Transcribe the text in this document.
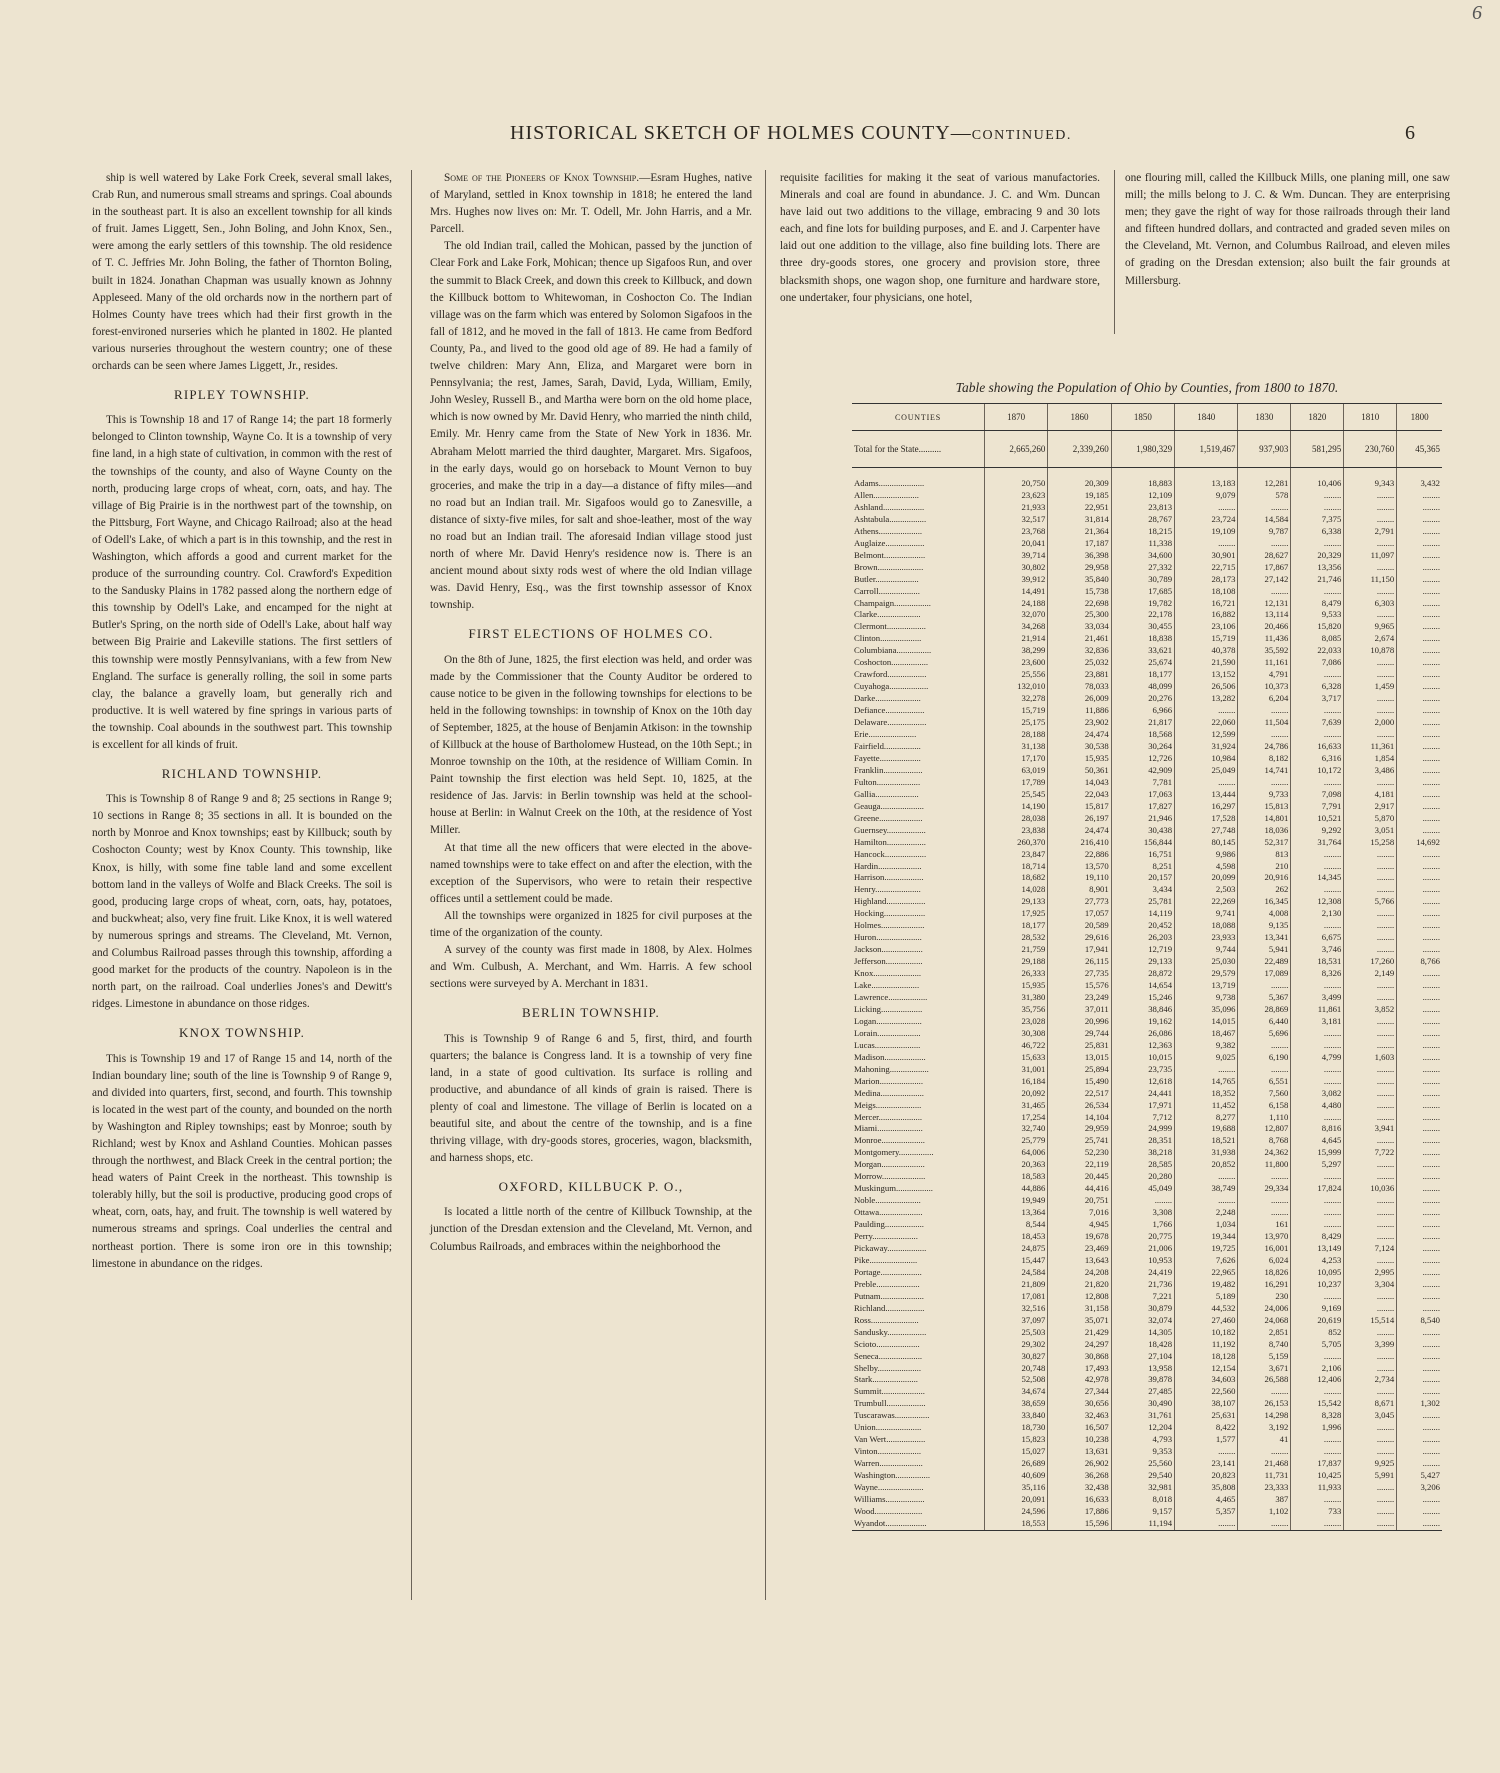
6
HISTORICAL SKETCH OF HOLMES COUNTY—CONTINUED.	6

ship is well watered by Lake Fork Creek, several small lakes, Crab Run, and numerous small streams and springs. Coal abounds in the southeast part. It is also an excellent township for all kinds of fruit. James Liggett, Sen., John Boling, and John Knox, Sen., were among the early settlers of this township. The old residence of T. C. Jeffries Mr. John Boling, the father of Thornton Boling, built in 1824. Jonathan Chapman was usually known as Johnny Appleseed. Many of the old orchards now in the northern part of Holmes County have trees which had their first growth in the forest-environed nurseries which he planted in 1802. He planted various nurseries throughout the western country; one of these orchards can be seen where James Liggett, Jr., resides.

RIPLEY TOWNSHIP.

This is Township 18 and 17 of Range 14; the part 18 formerly belonged to Clinton township, Wayne Co. It is a township of very fine land, in a high state of cultivation, in common with the rest of the townships of the county, and also of Wayne County on the north, producing large crops of wheat, corn, oats, and hay. The village of Big Prairie is in the northwest part of the township, on the Pittsburg, Fort Wayne, and Chicago Railroad; also at the head of Odell's Lake, of which a part is in this township, and the rest in Washington, which affords a good and current market for the produce of the surrounding country. Col. Crawford's Expedition to the Sandusky Plains in 1782 passed along the northern edge of this township by Odell's Lake, and encamped for the night at Butler's Spring, on the north side of Odell's Lake, about half way between Big Prairie and Lakeville stations. The first settlers of this township were mostly Pennsylvanians, with a few from New England. The surface is generally rolling, the soil in some parts clay, the balance a gravelly loam, but generally rich and productive. It is well watered by fine springs in various parts of the township. Coal abounds in the southwest part. This township is excellent for all kinds of fruit.

RICHLAND TOWNSHIP.

This is Township 8 of Range 9 and 8; 25 sections in Range 9; 10 sections in Range 8; 35 sections in all. It is bounded on the north by Monroe and Knox townships; east by Killbuck; south by Coshocton County; west by Knox County. This township, like Knox, is hilly, with some fine table land and some excellent bottom land in the valleys of Wolfe and Black Creeks. The soil is good, producing large crops of wheat, corn, oats, hay, potatoes, and buckwheat; also, very fine fruit. Like Knox, it is well watered by numerous springs and streams. The Cleveland, Mt. Vernon, and Columbus Railroad passes through this township, affording a good market for the products of the country. Napoleon is in the north part, on the railroad. Coal underlies Jones's and Dewitt's ridges. Limestone in abundance on those ridges.

KNOX TOWNSHIP.

This is Township 19 and 17 of Range 15 and 14, north of the Indian boundary line; south of the line is Township 9 of Range 9, and divided into quarters, first, second, and fourth. This township is located in the west part of the county, and bounded on the north by Washington and Ripley townships; east by Monroe; south by Richland; west by Knox and Ashland Counties. Mohican passes through the northwest, and Black Creek in the central portion; the head waters of Paint Creek in the northeast. This township is tolerably hilly, but the soil is productive, producing good crops of wheat, corn, oats, hay, and fruit. The township is well watered by numerous streams and springs. Coal underlies the central and northeast portion. There is some iron ore in this township; limestone in abundance on the ridges.

Some of the Pioneers of Knox Township.—Esram Hughes, native of Maryland, settled in Knox township in 1818; he entered the land Mrs. Hughes now lives on: Mr. T. Odell, Mr. John Harris, and a Mr. Parcell.

The old Indian trail, called the Mohican, passed by the junction of Clear Fork and Lake Fork, Mohican; thence up Sigafoos Run, and over the summit to Black Creek, and down this creek to Killbuck, and down the Killbuck bottom to Whitewoman, in Coshocton Co. The Indian village was on the farm which was entered by Solomon Sigafoos in the fall of 1812, and he moved in the fall of 1813. He came from Bedford County, Pa., and lived to the good old age of 89. He had a family of twelve children: Mary Ann, Eliza, and Margaret were born in Pennsylvania; the rest, James, Sarah, David, Lyda, William, Emily, John Wesley, Russell B., and Martha were born on the old home place, which is now owned by Mr. David Henry, who married the ninth child, Emily. Mr. Henry came from the State of New York in 1836. Mr. Abraham Melott married the third daughter, Margaret. Mrs. Sigafoos, in the early days, would go on horseback to Mount Vernon to buy groceries, and make the trip in a day—a distance of fifty miles—and no road but an Indian trail. Mr. Sigafoos would go to Zanesville, a distance of sixty-five miles, for salt and shoe-leather, most of the way no road but an Indian trail. The aforesaid Indian village stood just north of where Mr. David Henry's residence now is. There is an ancient mound about sixty rods west of where the old Indian village was. David Henry, Esq., was the first township assessor of Knox township.

FIRST ELECTIONS OF HOLMES CO.

On the 8th of June, 1825, the first election was held, and order was made by the Commissioner that the County Auditor be ordered to cause notice to be given in the following townships for elections to be held in the following townships: in township of Knox on the 10th day of September, 1825, at the house of Benjamin Atkison: in the township of Killbuck at the house of Bartholomew Hustead, on the 10th Sept.; in Monroe township on the 10th, at the residence of William Comin. In Paint township the first election was held Sept. 10, 1825, at the residence of Jas. Jarvis: in Berlin township was held at the school-house at Berlin: in Walnut Creek on the 10th, at the residence of Yost Miller.

At that time all the new officers that were elected in the above-named townships were to take effect on and after the election, with the exception of the Supervisors, who were to retain their respective offices until a settlement could be made.

All the townships were organized in 1825 for civil purposes at the time of the organization of the county.

A survey of the county was first made in 1808, by Alex. Holmes and Wm. Culbush, A. Merchant, and Wm. Harris. A few school sections were surveyed by A. Merchant in 1831.

BERLIN TOWNSHIP.

This is Township 9 of Range 6 and 5, first, third, and fourth quarters; the balance is Congress land. It is a township of very fine land, in a state of good cultivation. Its surface is rolling and productive, and abundance of all kinds of grain is raised. There is plenty of coal and limestone. The village of Berlin is located on a beautiful site, and about the centre of the township, and is a fine thriving village, with dry-goods stores, groceries, wagon, blacksmith, and harness shops, etc.

OXFORD, KILLBUCK P. O.,

Is located a little north of the centre of Killbuck Township, at the junction of the Dresdan extension and the Cleveland, Mt. Vernon, and Columbus Railroads, and embraces within the neighborhood the

requisite facilities for making it the seat of various manufactories. Minerals and coal are found in abundance. J. C. and Wm. Duncan have laid out two additions to the village, embracing 9 and 30 lots each, and fine lots for building purposes, and E. and J. Carpenter have laid out one addition to the village, also fine building lots. There are three dry-goods stores, one grocery and provision store, three blacksmith shops, one wagon shop, one furniture and hardware store, one undertaker, four physicians, one hotel,

one flouring mill, called the Killbuck Mills, one planing mill, one saw mill; the mills belong to J. C. & Wm. Duncan. They are enterprising men; they gave the right of way for those railroads through their land and fifteen hundred dollars, and contracted and graded seven miles on the Cleveland, Mt. Vernon, and Columbus Railroad, and eleven miles of grading on the Dresdan extension; also built the fair grounds at Millersburg.

Table showing the Population of Ohio by Counties, from 1800 to 1870.
COUNTIES	1870	1860	1850	1840	1830	1820	1810	1800
Total for the State..........	2,665,260	2,339,260	1,980,329	1,519,467	937,903	581,295	230,760	45,365

Adams.....................	20,750	20,309	18,883	13,183	12,281	10,406	9,343	3,432
Allen.....................	23,623	19,185	12,109	9,079	578	........	........	........
Ashland...................	21,933	22,951	23,813	........	........	........	........	........
Ashtabula.................	32,517	31,814	28,767	23,724	14,584	7,375	........	........
Athens....................	23,768	21,364	18,215	19,109	9,787	6,338	2,791	........
Auglaize..................	20,041	17,187	11,338	........	........	........	........	........
Belmont...................	39,714	36,398	34,600	30,901	28,627	20,329	11,097	........
Brown.....................	30,802	29,958	27,332	22,715	17,867	13,356	........	........
Butler....................	39,912	35,840	30,789	28,173	27,142	21,746	11,150	........
Carroll...................	14,491	15,738	17,685	18,108	........	........	........	........
Champaign.................	24,188	22,698	19,782	16,721	12,131	8,479	6,303	........
Clarke....................	32,070	25,300	22,178	16,882	13,114	9,533	........	........
Clermont..................	34,268	33,034	30,455	23,106	20,466	15,820	9,965	........
Clinton...................	21,914	21,461	18,838	15,719	11,436	8,085	2,674	........
Columbiana................	38,299	32,836	33,621	40,378	35,592	22,033	10,878	........
Coshocton.................	23,600	25,032	25,674	21,590	11,161	7,086	........	........
Crawford..................	25,556	23,881	18,177	13,152	4,791	........	........	........
Cuyahoga..................	132,010	78,033	48,099	26,506	10,373	6,328	1,459	........
Darke.....................	32,278	26,009	20,276	13,282	6,204	3,717	........	........
Defiance..................	15,719	11,886	6,966	........	........	........	........	........
Delaware..................	25,175	23,902	21,817	22,060	11,504	7,639	2,000	........
Erie......................	28,188	24,474	18,568	12,599	........	........	........	........
Fairfield.................	31,138	30,538	30,264	31,924	24,786	16,633	11,361	........
Fayette...................	17,170	15,935	12,726	10,984	8,182	6,316	1,854	........
Franklin..................	63,019	50,361	42,909	25,049	14,741	10,172	3,486	........
Fulton....................	17,789	14,043	7,781	........	........	........	........	........
Gallia....................	25,545	22,043	17,063	13,444	9,733	7,098	4,181	........
Geauga....................	14,190	15,817	17,827	16,297	15,813	7,791	2,917	........
Greene....................	28,038	26,197	21,946	17,528	14,801	10,521	5,870	........
Guernsey..................	23,838	24,474	30,438	27,748	18,036	9,292	3,051	........
Hamilton..................	260,370	216,410	156,844	80,145	52,317	31,764	15,258	14,692
Hancock...................	23,847	22,886	16,751	9,986	813	........	........	........
Hardin....................	18,714	13,570	8,251	4,598	210	........	........	........
Harrison..................	18,682	19,110	20,157	20,099	20,916	14,345	........	........
Henry.....................	14,028	8,901	3,434	2,503	262	........	........	........
Highland..................	29,133	27,773	25,781	22,269	16,345	12,308	5,766	........
Hocking...................	17,925	17,057	14,119	9,741	4,008	2,130	........	........
Holmes....................	18,177	20,589	20,452	18,088	9,135	........	........	........
Huron.....................	28,532	29,616	26,203	23,933	13,341	6,675	........	........
Jackson...................	21,759	17,941	12,719	9,744	5,941	3,746	........	........
Jefferson.................	29,188	26,115	29,133	25,030	22,489	18,531	17,260	8,766
Knox......................	26,333	27,735	28,872	29,579	17,089	8,326	2,149	........
Lake......................	15,935	15,576	14,654	13,719	........	........	........	........
Lawrence..................	31,380	23,249	15,246	9,738	5,367	3,499	........	........
Licking...................	35,756	37,011	38,846	35,096	28,869	11,861	3,852	........
Logan.....................	23,028	20,996	19,162	14,015	6,440	3,181	........	........
Lorain....................	30,308	29,744	26,086	18,467	5,696	........	........	........
Lucas.....................	46,722	25,831	12,363	9,382	........	........	........	........
Madison...................	15,633	13,015	10,015	9,025	6,190	4,799	1,603	........
Mahoning..................	31,001	25,894	23,735	........	........	........	........	........
Marion....................	16,184	15,490	12,618	14,765	6,551	........	........	........
Medina....................	20,092	22,517	24,441	18,352	7,560	3,082	........	........
Meigs.....................	31,465	26,534	17,971	11,452	6,158	4,480	........	........
Mercer....................	17,254	14,104	7,712	8,277	1,110	........	........	........
Miami.....................	32,740	29,959	24,999	19,688	12,807	8,816	3,941	........
Monroe....................	25,779	25,741	28,351	18,521	8,768	4,645	........	........
Montgomery................	64,006	52,230	38,218	31,938	24,362	15,999	7,722	........
Morgan....................	20,363	22,119	28,585	20,852	11,800	5,297	........	........
Morrow....................	18,583	20,445	20,280	........	........	........	........	........
Muskingum.................	44,886	44,416	45,049	38,749	29,334	17,824	10,036	........
Noble.....................	19,949	20,751	........	........	........	........	........	........
Ottawa....................	13,364	7,016	3,308	2,248	........	........	........	........
Paulding..................	8,544	4,945	1,766	1,034	161	........	........	........
Perry.....................	18,453	19,678	20,775	19,344	13,970	8,429	........	........
Pickaway..................	24,875	23,469	21,006	19,725	16,001	13,149	7,124	........
Pike......................	15,447	13,643	10,953	7,626	6,024	4,253	........	........
Portage...................	24,584	24,208	24,419	22,965	18,826	10,095	2,995	........
Preble....................	21,809	21,820	21,736	19,482	16,291	10,237	3,304	........
Putnam....................	17,081	12,808	7,221	5,189	230	........	........	........
Richland..................	32,516	31,158	30,879	44,532	24,006	9,169	........	........
Ross......................	37,097	35,071	32,074	27,460	24,068	20,619	15,514	8,540
Sandusky..................	25,503	21,429	14,305	10,182	2,851	852	........	........
Scioto....................	29,302	24,297	18,428	11,192	8,740	5,705	3,399	........
Seneca....................	30,827	30,868	27,104	18,128	5,159	........	........	........
Shelby....................	20,748	17,493	13,958	12,154	3,671	2,106	........	........
Stark.....................	52,508	42,978	39,878	34,603	26,588	12,406	2,734	........
Summit....................	34,674	27,344	27,485	22,560	........	........	........	........
Trumbull..................	38,659	30,656	30,490	38,107	26,153	15,542	8,671	1,302
Tuscarawas................	33,840	32,463	31,761	25,631	14,298	8,328	3,045	........
Union.....................	18,730	16,507	12,204	8,422	3,192	1,996	........	........
Van Wert..................	15,823	10,238	4,793	1,577	41	........	........	........
Vinton....................	15,027	13,631	9,353	........	........	........	........	........
Warren....................	26,689	26,902	25,560	23,141	21,468	17,837	9,925	........
Washington................	40,609	36,268	29,540	20,823	11,731	10,425	5,991	5,427
Wayne.....................	35,116	32,438	32,981	35,808	23,333	11,933	........	3,206
Williams..................	20,091	16,633	8,018	4,465	387	........	........	........
Wood......................	24,596	17,886	9,157	5,357	1,102	733	........	........
Wyandot...................	18,553	15,596	11,194	........	........	........	........	........
